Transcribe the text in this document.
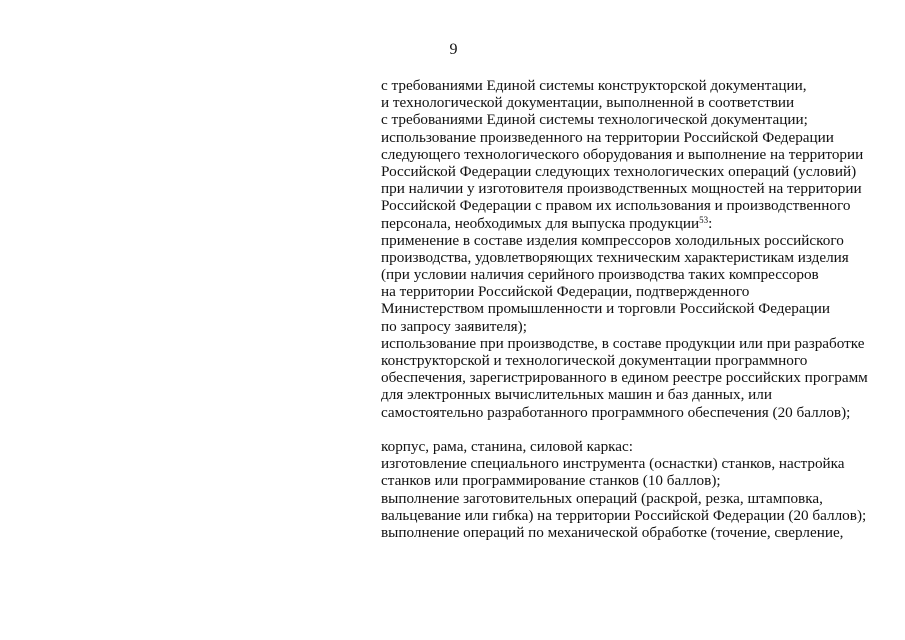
9
с требованиями Единой системы конструкторской документации,
и технологической документации, выполненной в соответствии
с требованиями Единой системы технологической документации;
использование произведенного на территории Российской Федерации
следующего технологического оборудования и выполнение на территории
Российской Федерации следующих технологических операций (условий)
при наличии у изготовителя производственных мощностей на территории
Российской Федерации с правом их использования и производственного
персонала, необходимых для выпуска продукции$^{53}$:
применение в составе изделия компрессоров холодильных российского
производства, удовлетворяющих техническим характеристикам изделия
(при условии наличия серийного производства таких компрессоров
на территории Российской Федерации, подтвержденного
Министерством промышленности и торговли Российской Федерации
по запросу заявителя);
использование при производстве, в составе продукции или при разработке
конструкторской и технологической документации программного
обеспечения, зарегистрированного в едином реестре российских программ
для электронных вычислительных машин и баз данных, или
самостоятельно разработанного программного обеспечения (20 баллов);
корпус, рама, станина, силовой каркас:
изготовление специального инструмента (оснастки) станков, настройка
станков или программирование станков (10 баллов);
выполнение заготовительных операций (раскрой, резка, штамповка,
вальцевание или гибка) на территории Российской Федерации (20 баллов);
выполнение операций по механической обработке (точение, сверление,
